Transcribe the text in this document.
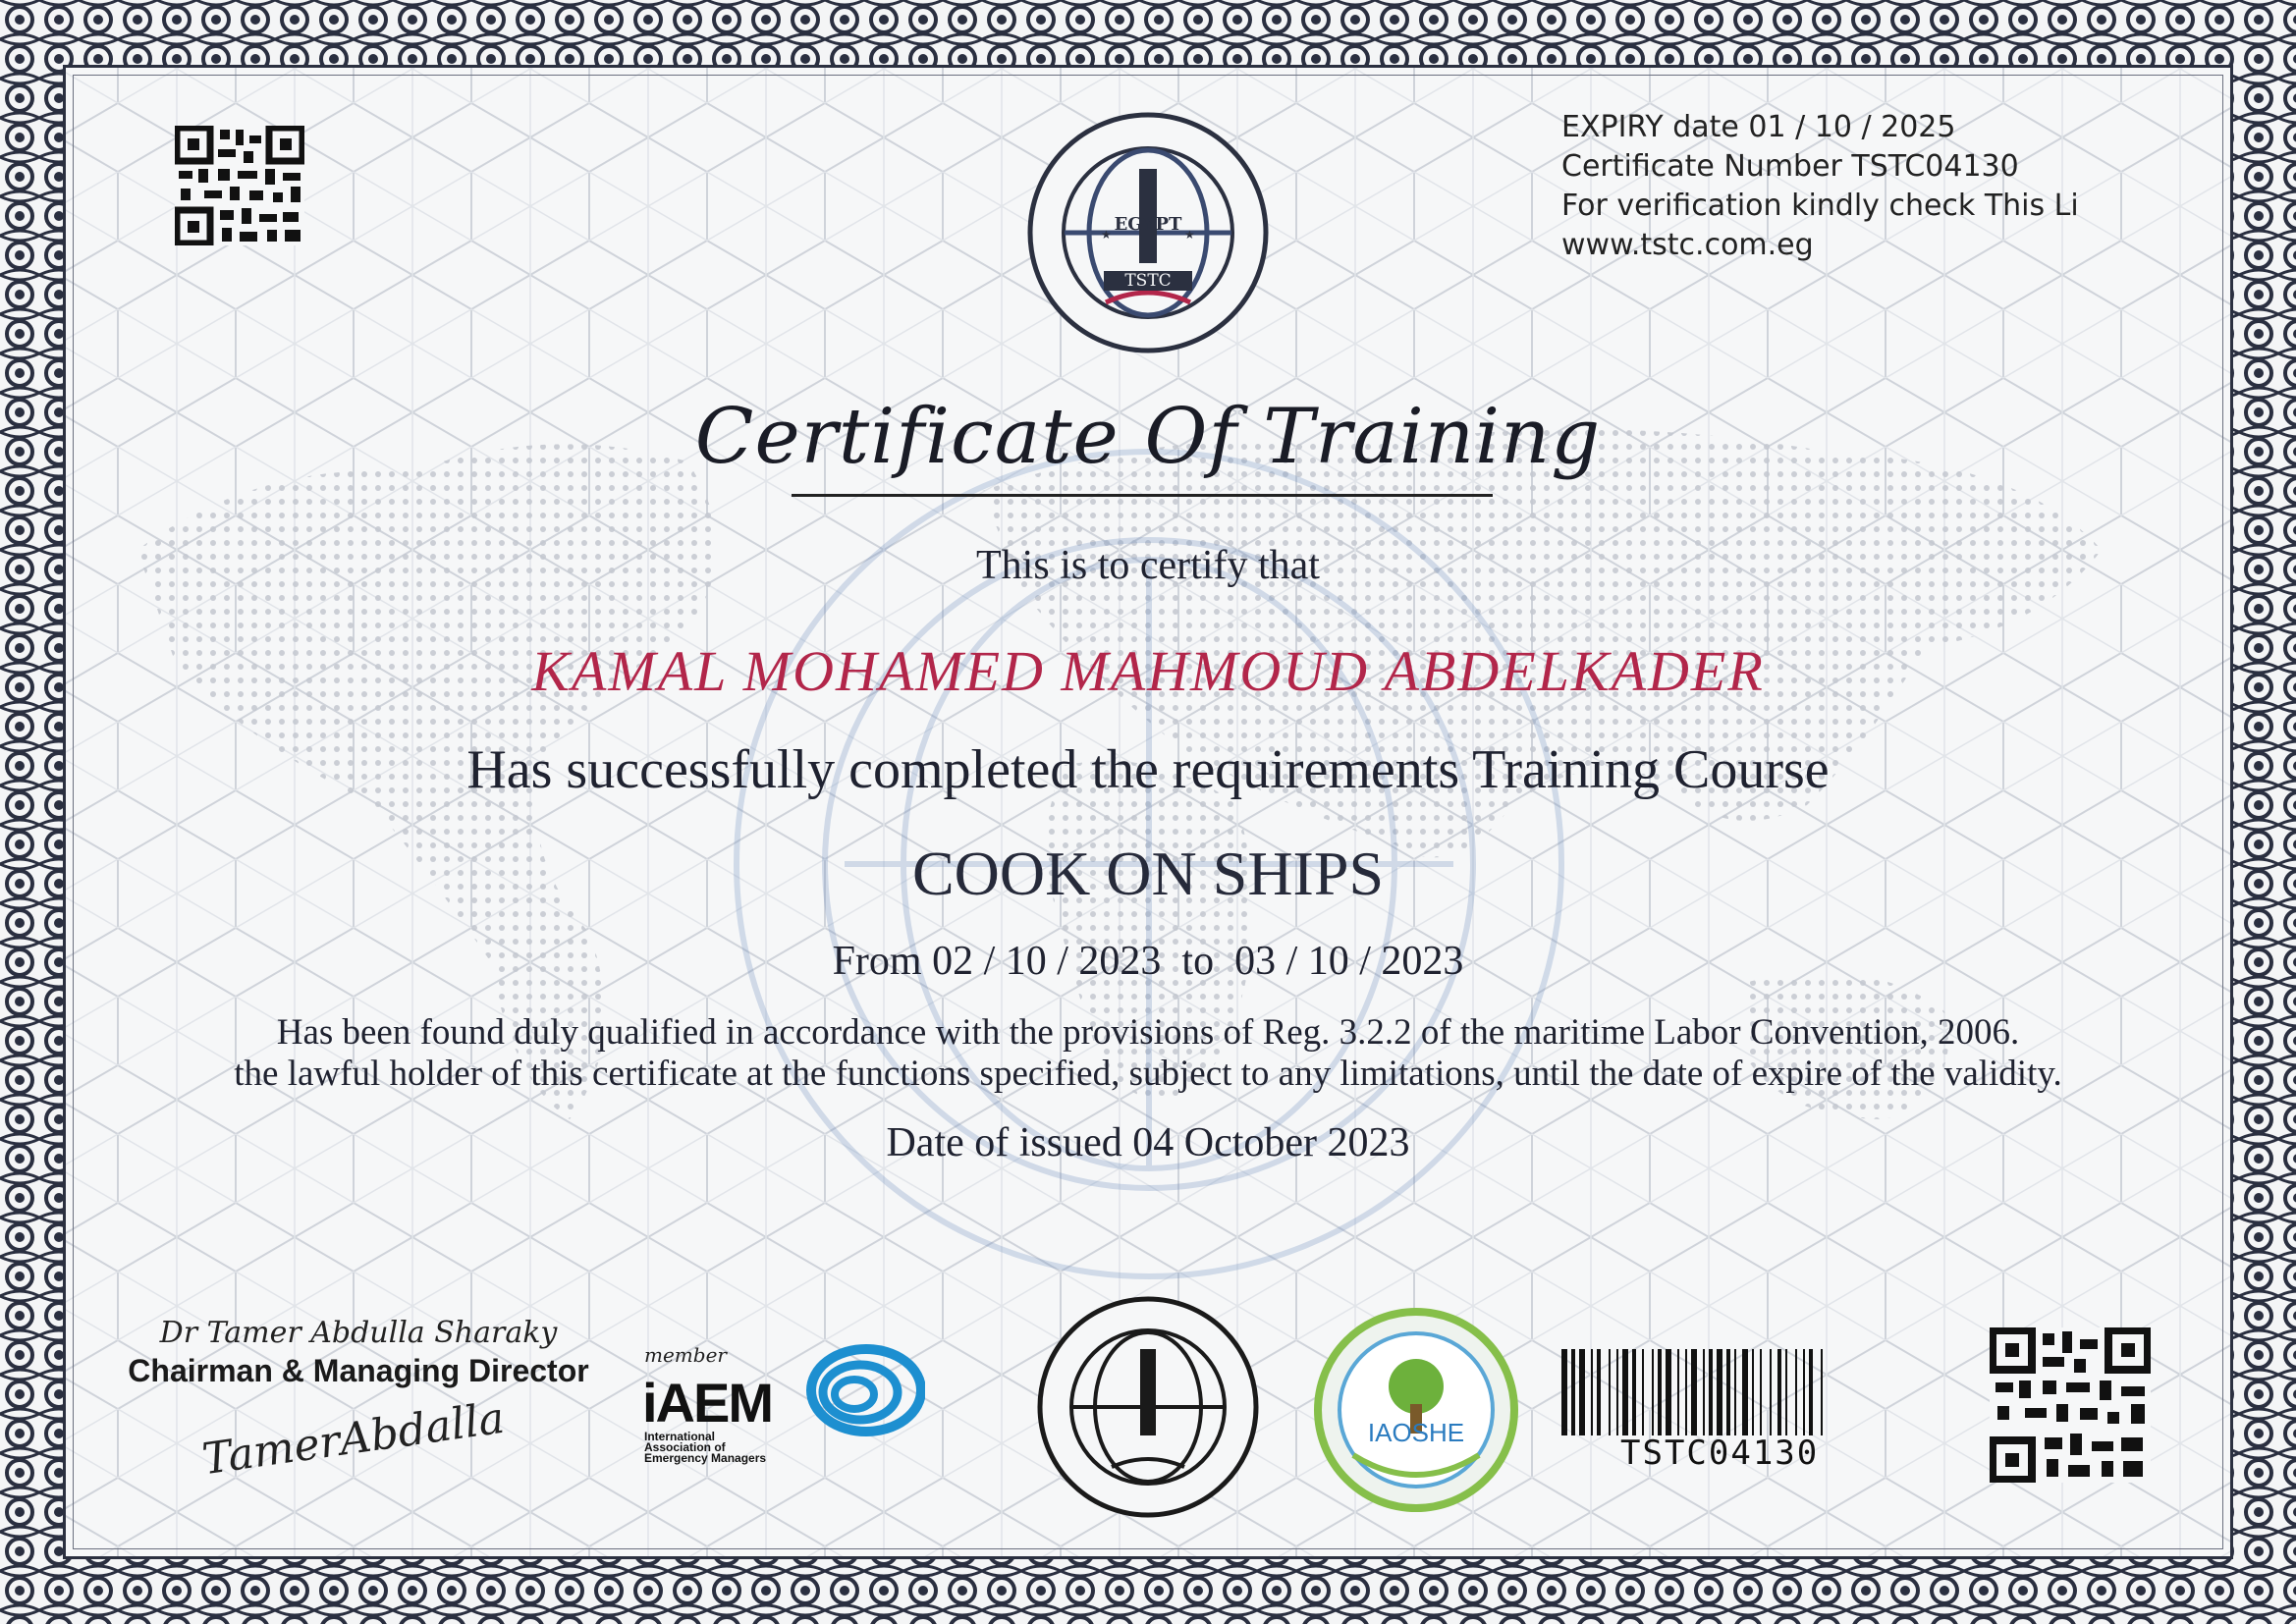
★	★
EGYPT
TSTC
EXPIRY date 01 / 10 / 2025
Certificate Number TSTC04130
For verification kindly check This Li
www.tstc.com.eg
Certificate Of Training
This is to certify that
KAMAL MOHAMED MAHMOUD ABDELKADER
Has successfully completed the requirements Training Course
COOK ON SHIPS
From 02 / 10 / 2023  to  03 / 10 / 2023
Has been found duly qualified in accordance with the provisions of Reg. 3.2.2 of the maritime Labor Convention, 2006.
the lawful holder of this certificate at the functions specified, subject to any limitations, until the date of expire of the validity.
Date of issued 04 October 2023
Dr Tamer Abdulla Sharaky
Chairman & Managing Director
TamerAbdalla
member
iAEM
International
Association of
Emergency Managers
IAOSHE
TSTC04130
